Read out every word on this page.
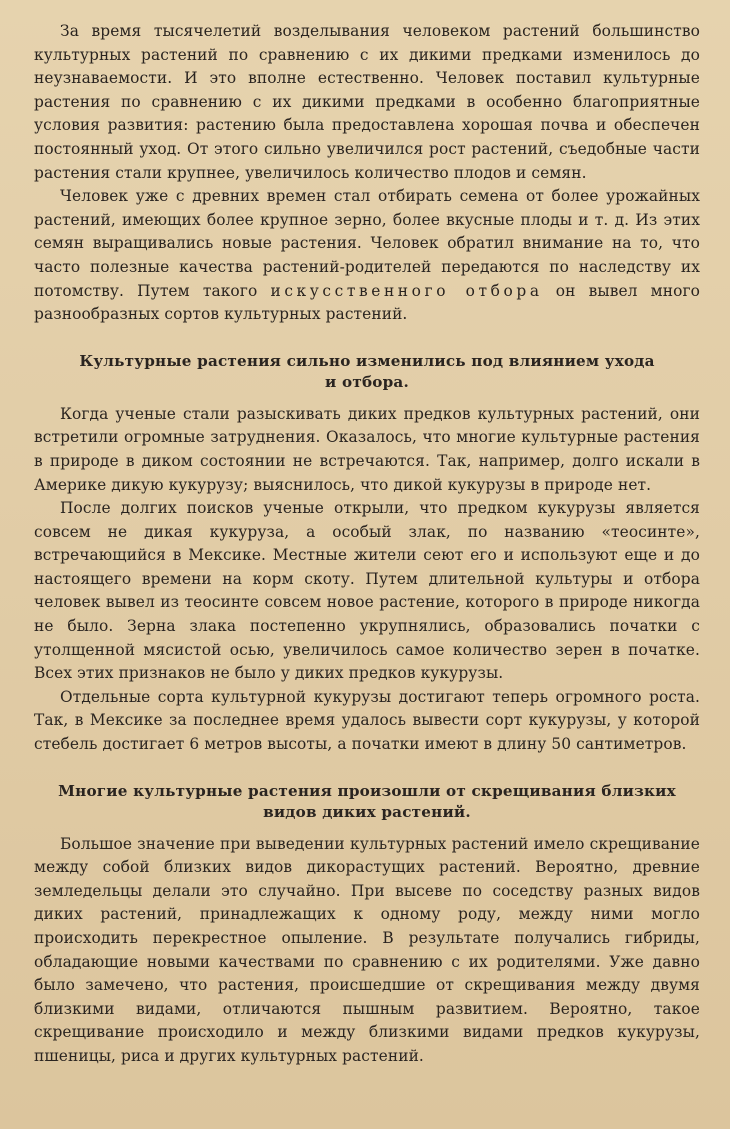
За время тысячелетий возделывания человеком растений большинство культурных растений по сравнению с их дикими предками изменилось до неузнаваемости. И это вполне естественно. Человек поставил культурные растения по сравнению с их дикими предками в особенно благоприятные условия развития: растению была предоставлена хорошая почва и обеспечен постоянный уход. От этого сильно увеличился рост растений, съедобные части растения стали крупнее, увеличилось количество плодов и семян.

Человек уже с древних времен стал отбирать семена от более урожайных растений, имеющих более крупное зерно, более вкусные плоды и т. д. Из этих семян выращивались новые растения. Человек обратил внимание на то, что часто полезные качества растений-родителей передаются по наследству их потомству. Путем такого искусственного отбора он вывел много разнообразных сортов культурных растений.

Культурные растения сильно изменились под влиянием ухода
и отбора.

Когда ученые стали разыскивать диких предков культурных растений, они встретили огромные затруднения. Оказалось, что многие культурные растения в природе в диком состоянии не встречаются. Так, например, долго искали в Америке дикую кукурузу; выяснилось, что дикой кукурузы в природе нет.

После долгих поисков ученые открыли, что предком кукурузы является совсем не дикая кукуруза, а особый злак, по названию «теосинте», встречающийся в Мексике. Местные жители сеют его и используют еще и до настоящего времени на корм скоту. Путем длительной культуры и отбора человек вывел из теосинте совсем новое растение, которого в природе никогда не было. Зерна злака постепенно укрупнялись, образовались початки с утолщенной мясистой осью, увеличилось самое количество зерен в початке. Всех этих признаков не было у диких предков кукурузы.

Отдельные сорта культурной кукурузы достигают теперь огромного роста. Так, в Мексике за последнее время удалось вывести сорт кукурузы, у которой стебель достигает 6 метров высоты, а початки имеют в длину 50 сантиметров.

Многие культурные растения произошли от скрещивания близких
видов диких растений.

Большое значение при выведении культурных растений имело скрещивание между собой близких видов дикорастущих растений. Вероятно, древние земледельцы делали это случайно. При высеве по соседству разных видов диких растений, принадлежащих к одному роду, между ними могло происходить перекрестное опыление. В результате получались гибриды, обладающие новыми качествами по сравнению с их родителями. Уже давно было замечено, что растения, происшедшие от скрещивания между двумя близкими видами, отличаются пышным развитием. Вероятно, такое скрещивание происходило и между близкими видами предков кукурузы, пшеницы, риса и других культурных растений.
